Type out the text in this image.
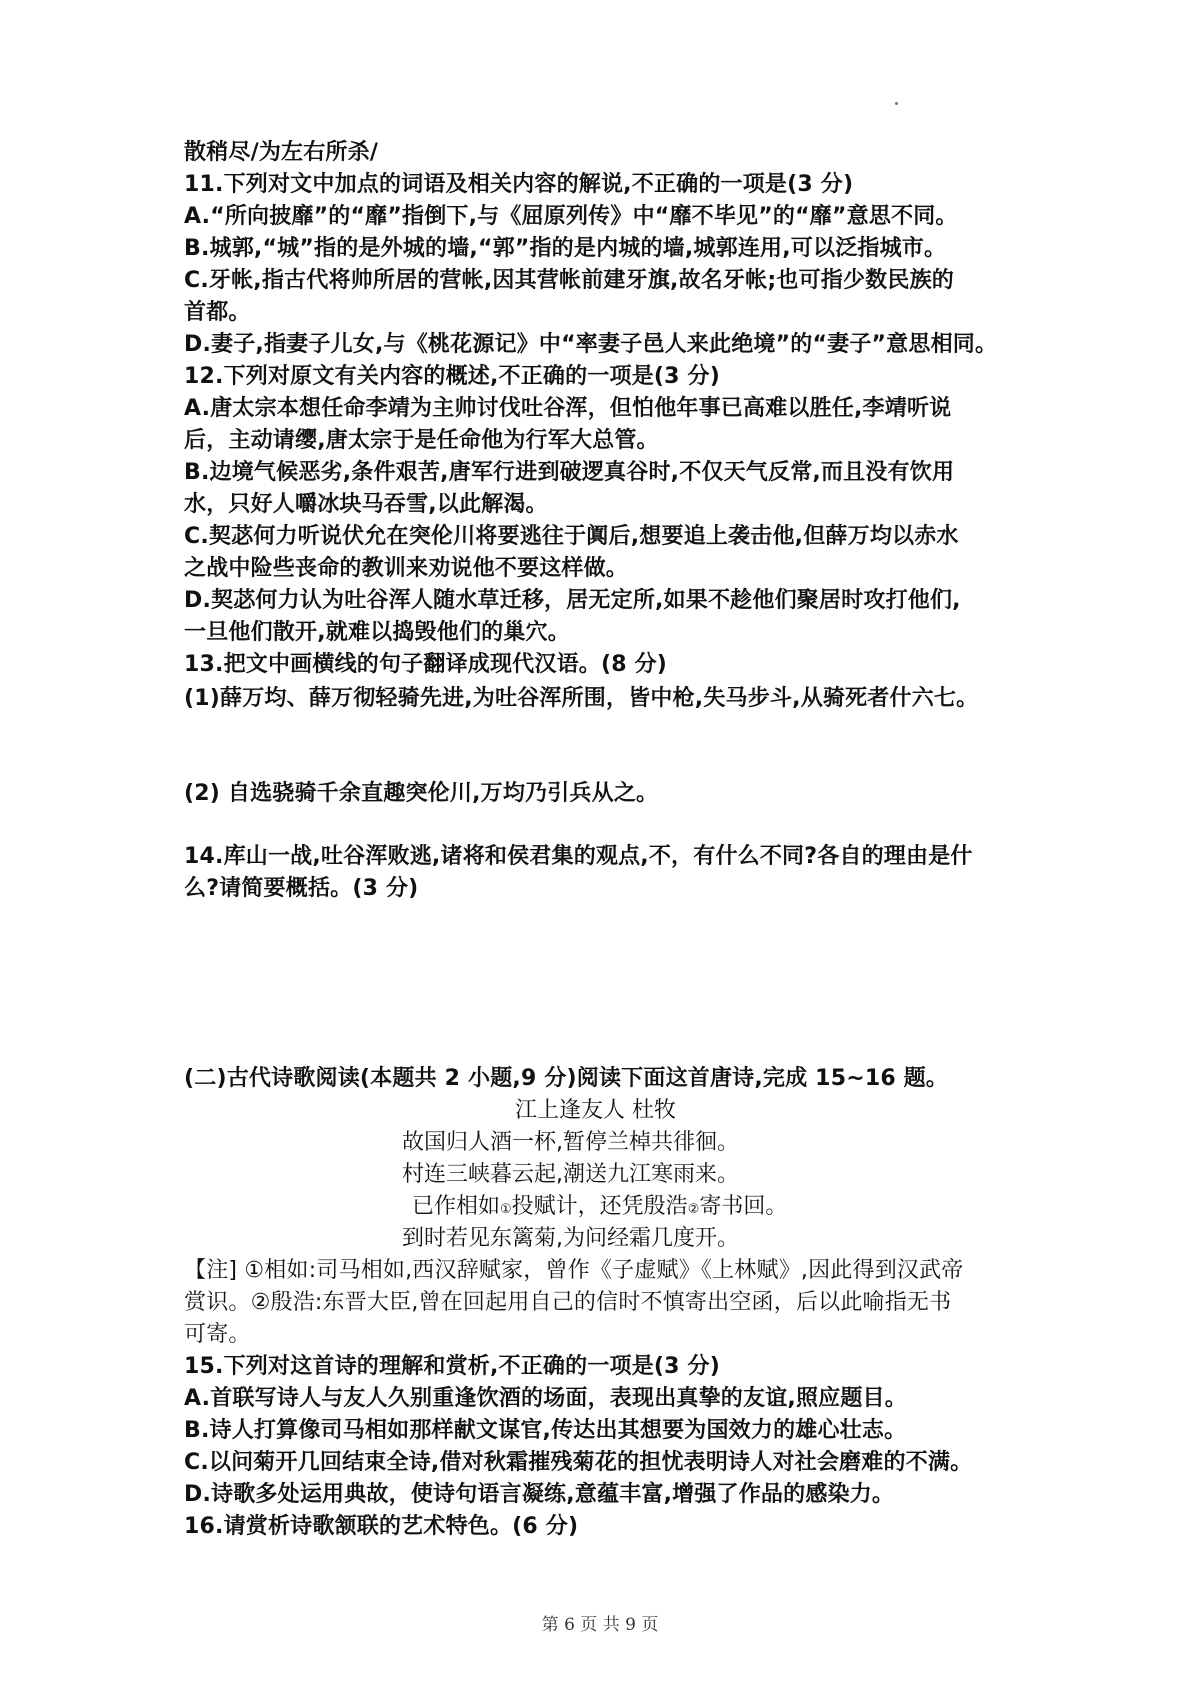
散稍尽/为左右所杀/
11.下列对文中加点的词语及相关内容的解说,不正确的一项是(3 分)
A.“所向披靡”的“靡”指倒下,与《屈原列传》中“靡不毕见”的“靡”意思不同。
B.城郭,“城”指的是外城的墙,“郭”指的是内城的墙,城郭连用,可以泛指城市。
C.牙帐,指古代将帅所居的营帐,因其营帐前建牙旗,故名牙帐;也可指少数民族的
首都。
D.妻子,指妻子儿女,与《桃花源记》中“率妻子邑人来此绝境”的“妻子”意思相同。
12.下列对原文有关内容的概述,不正确的一项是(3 分)
A.唐太宗本想任命李靖为主帅讨伐吐谷浑，但怕他年事已高难以胜任,李靖听说
后，主动请缨,唐太宗于是任命他为行军大总管。
B.边境气候恶劣,条件艰苦,唐军行进到破逻真谷时,不仅天气反常,而且没有饮用
水，只好人嚼冰块马吞雪,以此解渴。
C.契苾何力听说伏允在突伦川将要逃往于阗后,想要追上袭击他,但薛万均以赤水
之战中险些丧命的教训来劝说他不要这样做。
D.契苾何力认为吐谷浑人随水草迁移，居无定所,如果不趁他们聚居时攻打他们,
一旦他们散开,就难以捣毁他们的巢穴。
13.把文中画横线的句子翻译成现代汉语。(8 分)
(1)薛万均、薛万彻轻骑先进,为吐谷浑所围，皆中枪,失马步斗,从骑死者什六七。
(2) 自选骁骑千余直趣突伦川,万均乃引兵从之。
14.库山一战,吐谷浑败逃,诸将和侯君集的观点,不，有什么不同?各自的理由是什
么?请简要概括。(3 分)
(二)古代诗歌阅读(本题共 2 小题,9 分)阅读下面这首唐诗,完成 15~16 题。
江上逢友人 杜牧
故国归人酒一杯,暂停兰棹共徘徊。
村连三峡暮云起,潮送九江寒雨来。
已作相如①投赋计，还凭殷浩②寄书回。
到时若见东篱菊,为问经霜几度开。
【注] ①相如:司马相如,西汉辞赋家，曾作《子虚赋》《上林赋》,因此得到汉武帝
赏识。②殷浩:东晋大臣,曾在回起用自己的信时不慎寄出空函，后以此喻指无书
可寄。
15.下列对这首诗的理解和赏析,不正确的一项是(3 分)
A.首联写诗人与友人久别重逢饮酒的场面，表现出真挚的友谊,照应题目。
B.诗人打算像司马相如那样献文谋官,传达出其想要为国效力的雄心壮志。
C.以问菊开几回结束全诗,借对秋霜摧残菊花的担忧表明诗人对社会磨难的不满。
D.诗歌多处运用典故，使诗句语言凝练,意蕴丰富,增强了作品的感染力。
16.请赏析诗歌颔联的艺术特色。(6 分)
第 6 页 共 9 页
